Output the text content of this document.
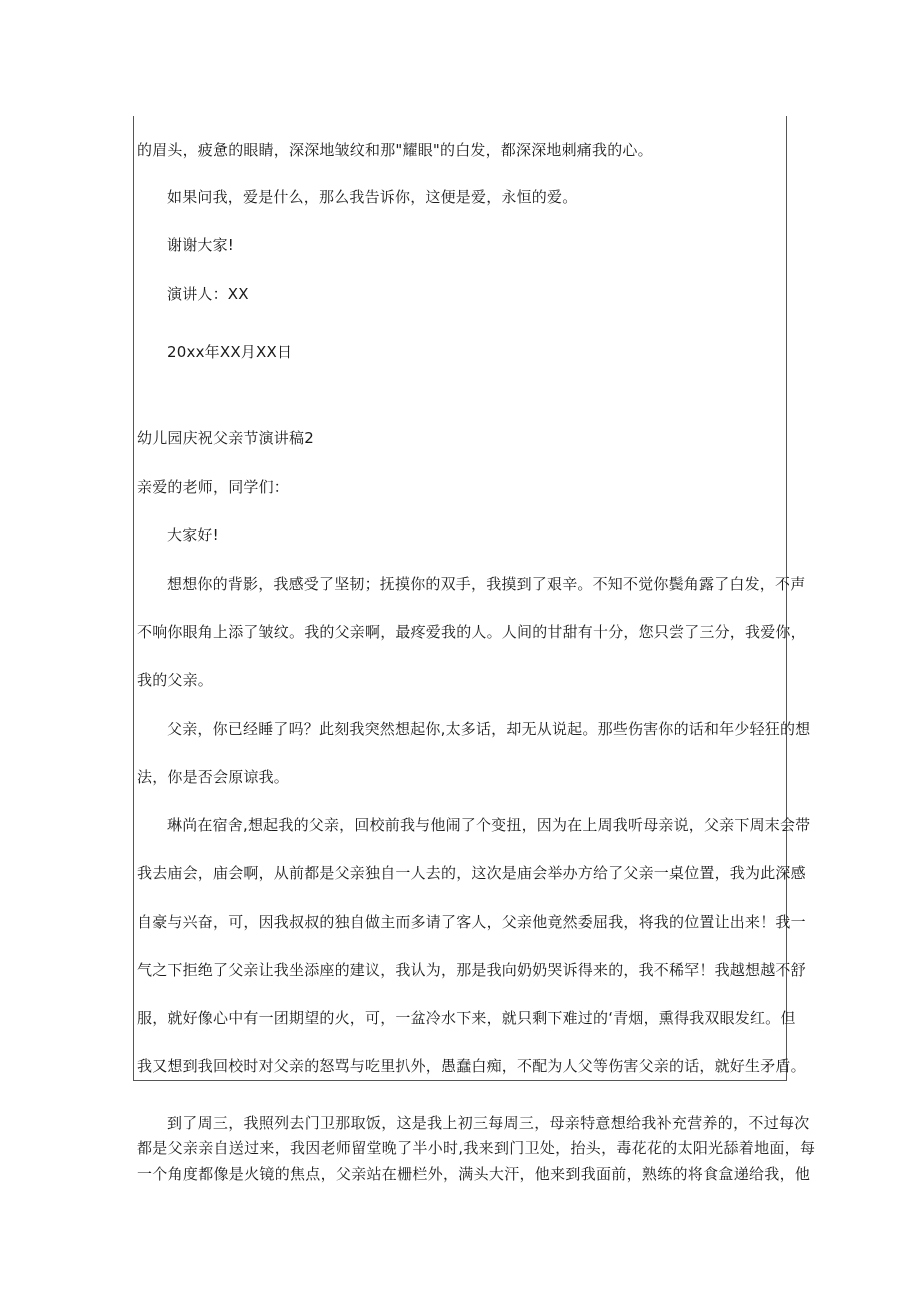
的眉头，疲惫的眼睛，深深地皱纹和那"耀眼"的白发，都深深地刺痛我的心。
如果问我，爱是什么，那么我告诉你，这便是爱，永恒的爱。
谢谢大家!
演讲人：XX
20xx年XX月XX日
幼儿园庆祝父亲节演讲稿2
亲爱的老师，同学们：
大家好!
想想你的背影，我感受了坚韧；抚摸你的双手，我摸到了艰辛。不知不觉你鬓角露了白发，不声
不响你眼角上添了皱纹。我的父亲啊，最疼爱我的人。人间的甘甜有十分，您只尝了三分，我爱你，
我的父亲。
父亲，你已经睡了吗？此刻我突然想起你,太多话，却无从说起。那些伤害你的话和年少轻狂的想
法，你是否会原谅我。
琳尚在宿舍,想起我的父亲，回校前我与他闹了个变扭，因为在上周我听母亲说，父亲下周末会带
我去庙会，庙会啊，从前都是父亲独自一人去的，这次是庙会举办方给了父亲一桌位置，我为此深感
自豪与兴奋，可，因我叔叔的独自做主而多请了客人，父亲他竟然委屈我，将我的位置让出来！我一
气之下拒绝了父亲让我坐添座的建议，我认为，那是我向奶奶哭诉得来的，我不稀罕！我越想越不舒
服，就好像心中有一团期望的火，可，一盆冷水下来，就只剩下难过的‘青烟，熏得我双眼发红。但
我又想到我回校时对父亲的怒骂与吃里扒外，愚蠢白痴，不配为人父等伤害父亲的话，就好生矛盾。
到了周三，我照列去门卫那取饭，这是我上初三每周三，母亲特意想给我补充营养的，不过每次
都是父亲亲自送过来，我因老师留堂晚了半小时,我来到门卫处，抬头，毒花花的太阳光舔着地面，每
一个角度都像是火镜的焦点，父亲站在栅栏外，满头大汗，他来到我面前，熟练的将食盒递给我，他
